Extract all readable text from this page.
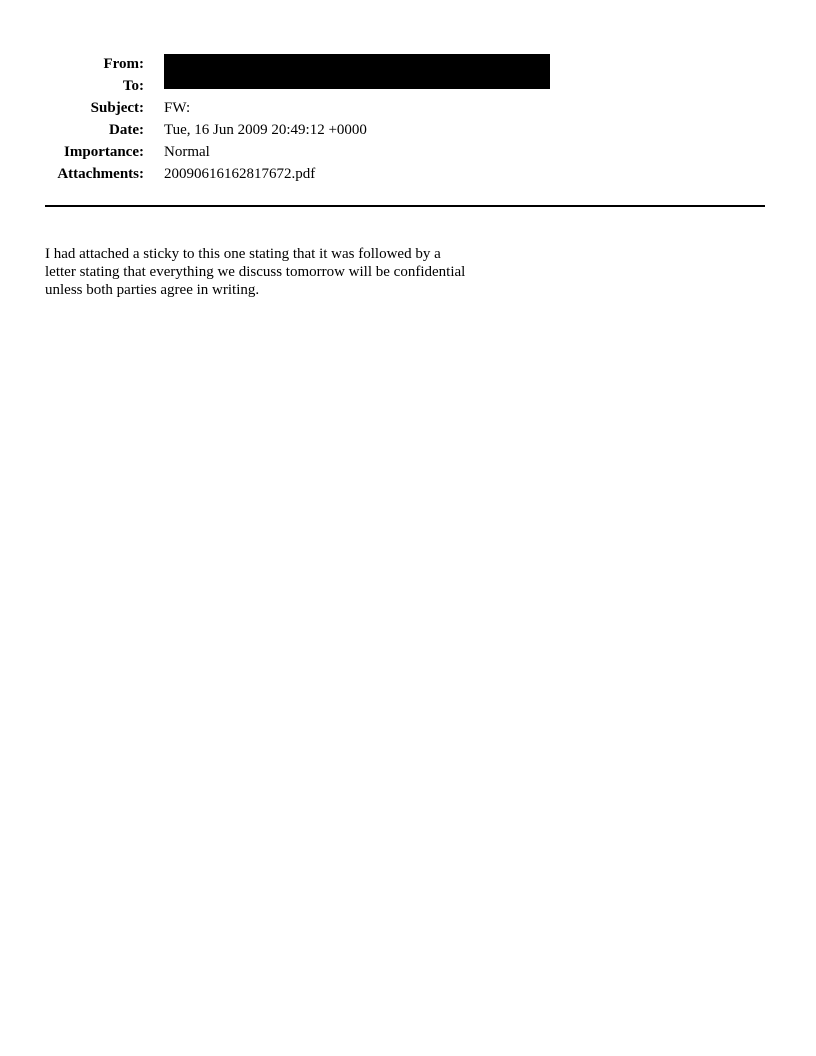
From:
To:
Subject: FW:
Date: Tue, 16 Jun 2009 20:49:12 +0000
Importance: Normal
Attachments: 20090616162817672.pdf
I had attached a sticky to this one stating that it was followed by a
letter stating that everything we discuss tomorrow will be confidential
unless both parties agree in writing.
